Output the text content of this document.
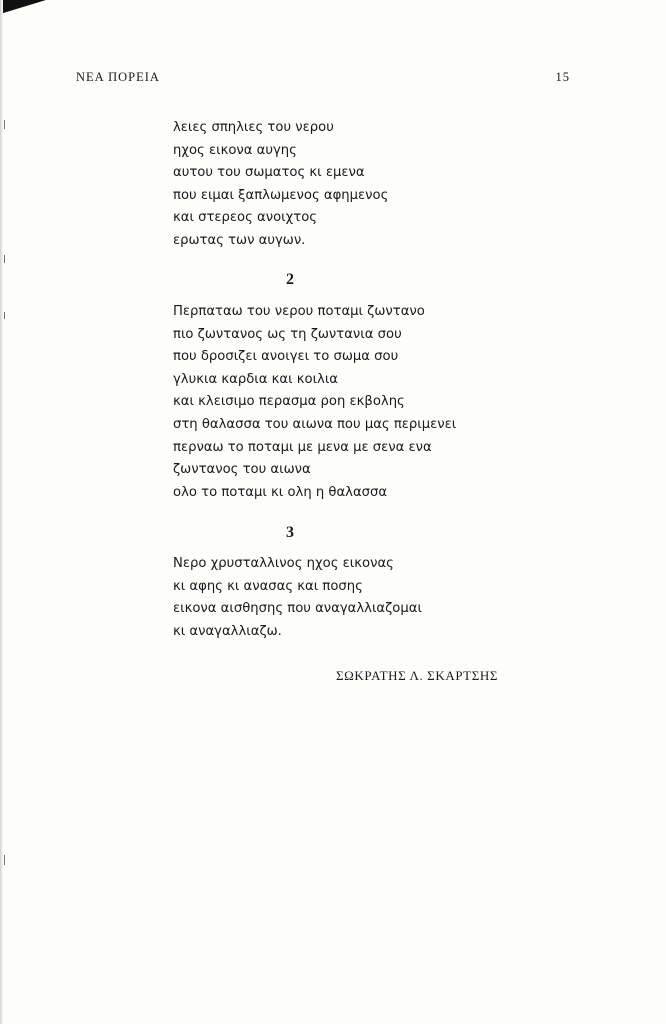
ΝΕΑ ΠΟΡΕΙΑ	15
λειες σπηλιες του νερου
ηχος εικονα αυγης
αυτου του σωματος κι εμενα
που ειμαι ξαπλωμενος αφημενος
και στερεος ανοιχτος
ερωτας των αυγων.
2
Περπαταω του νερου ποταμι ζωντανο
πιο ζωντανος ως τη ζωντανια σου
που δροσιζει ανοιγει το σωμα σου
γλυκια καρδια και κοιλια
και κλεισιμο περασμα ροη εκβολης
στη θαλασσα του αιωνα που μας περιμενει
περναω το ποταμι με μενα με σενα ενα
ζωντανος του αιωνα
ολο το ποταμι κι ολη η θαλασσα
3
Νερο χρυσταλλινος ηχος εικονας
κι αφης κι ανασας και ποσης
εικονα αισθησης που αναγαλλιαζομαι
κι αναγαλλιαζω.
ΣΩΚΡΑΤΗΣ Λ. ΣΚΑΡΤΣΗΣ
